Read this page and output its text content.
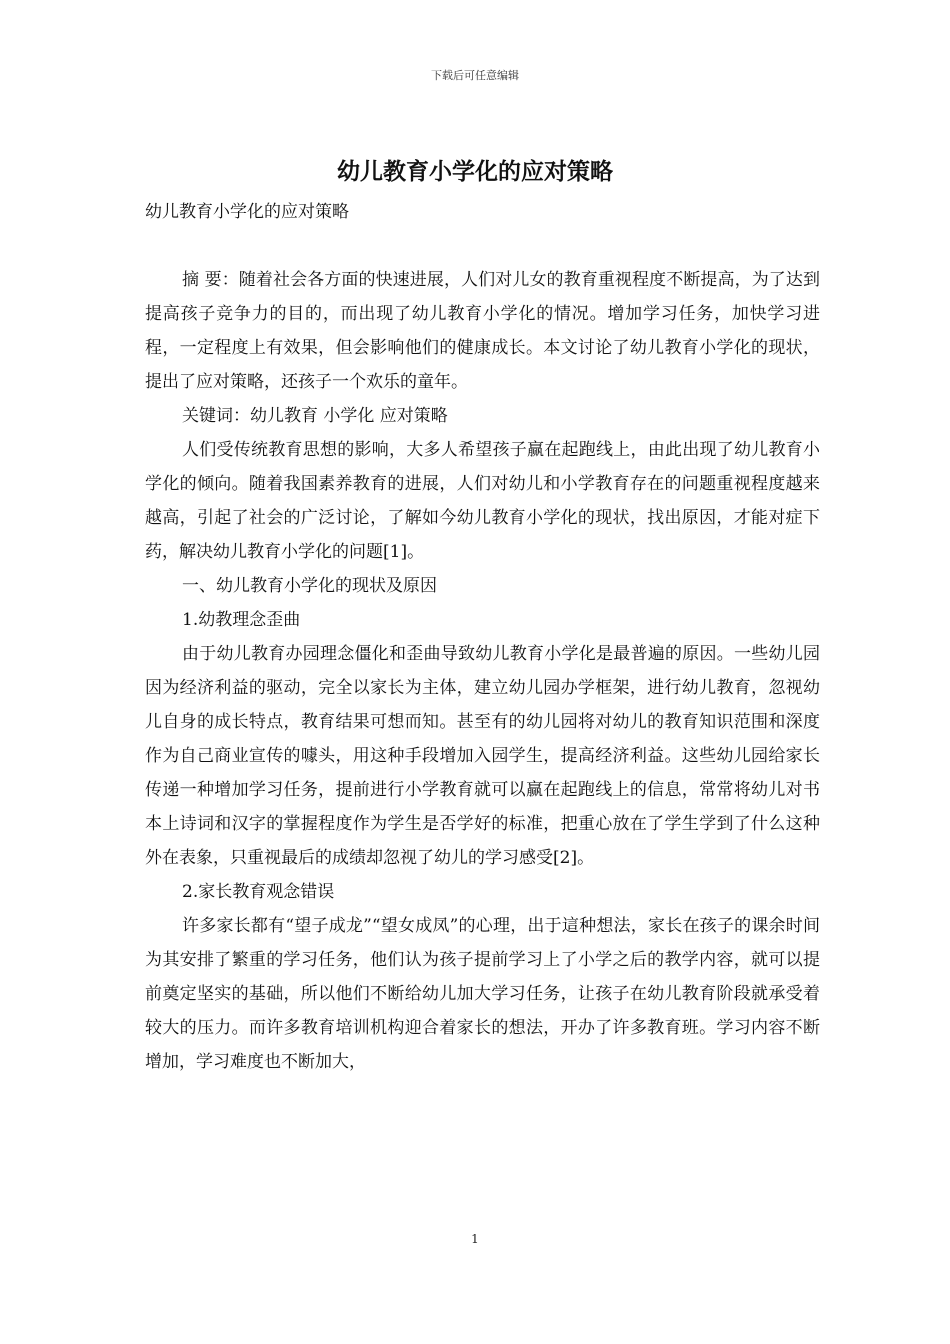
下载后可任意编辑
幼儿教育小学化的应对策略

幼儿教育小学化的应对策略

摘 要：随着社会各方面的快速进展，人们对儿女的教育重视程度不断提高，为了达到提高孩子竞争力的目的，而出现了幼儿教育小学化的情况。增加学习任务，加快学习进程，一定程度上有效果，但会影响他们的健康成长。本文讨论了幼儿教育小学化的现状，提出了应对策略，还孩子一个欢乐的童年。

关键词：幼儿教育 小学化 应对策略

人们受传统教育思想的影响，大多人希望孩子赢在起跑线上，由此出现了幼儿教育小学化的倾向。随着我国素养教育的进展，人们对幼儿和小学教育存在的问题重视程度越来越高，引起了社会的广泛讨论，了解如今幼儿教育小学化的现状，找出原因，才能对症下药，解决幼儿教育小学化的问题[1]。

一、幼儿教育小学化的现状及原因

1.幼教理念歪曲

由于幼儿教育办园理念僵化和歪曲导致幼儿教育小学化是最普遍的原因。一些幼儿园因为经济利益的驱动，完全以家长为主体，建立幼儿园办学框架，进行幼儿教育，忽视幼儿自身的成长特点，教育结果可想而知。甚至有的幼儿园将对幼儿的教育知识范围和深度作为自己商业宣传的噱头，用这种手段增加入园学生，提高经济利益。这些幼儿园给家长传递一种增加学习任务，提前进行小学教育就可以赢在起跑线上的信息，常常将幼儿对书本上诗词和汉字的掌握程度作为学生是否学好的标准，把重心放在了学生学到了什么这种外在表象，只重视最后的成绩却忽视了幼儿的学习感受[2]。

2.家长教育观念错误

许多家长都有“望子成龙”“望女成凤”的心理，出于這种想法，家长在孩子的课余时间为其安排了繁重的学习任务，他们认为孩子提前学习上了小学之后的教学内容，就可以提前奠定坚实的基础，所以他们不断给幼儿加大学习任务，让孩子在幼儿教育阶段就承受着较大的压力。而许多教育培训机构迎合着家长的想法，开办了许多教育班。学习内容不断增加，学习难度也不断加大，

1
